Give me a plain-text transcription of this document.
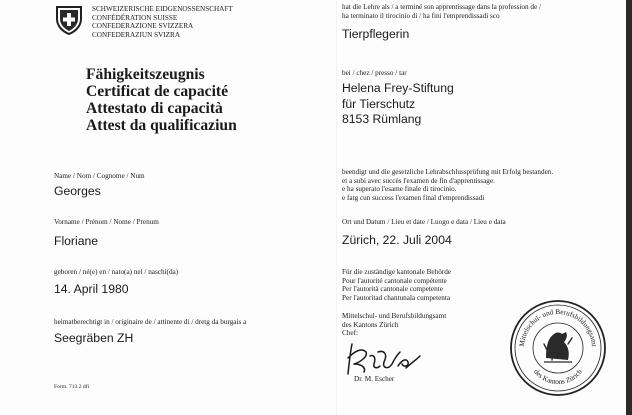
SCHWEIZERISCHE EIDGENOSSENSCHAFT
CONFÉDÉRATION SUISSE
CONFEDERAZIONE SVIZZERA
CONFEDERAZIUN SVIZRA
Fähigkeitszeugnis
Certificat de capacité
Attestato di capacità
Attest da qualificaziun
Name / Nom / Cognome / Num
Georges
Vorname / Prénom / Nome / Prenum
Floriane
geboren / né(e) en / nato(a) nel / naschi(da)
14. April 1980
heimatberechtigt in / originaire de / attinente di / dretg da burgais a
Seegräben ZH
Form. 713.2 dfi
hat die Lehre als / a terminé son apprentissage dans la profession de /
ha terminato il tirocinio di / ha fini l'emprendissadi sco
Tierpflegerin
bei / chez / presso / tar
Helena Frey-Stiftung
für Tierschutz
8153 Rümlang
beendigt und die gesetzliche Lehrabschlussprüfung mit Erfolg bestanden.
et a subi avec succès l'examen de fin d'apprentissage.
e ha superato l'esame finale di tirocinio.
e fatg cun success l'examen final d'emprendissadi
Ort und Datum / Lieu et date / Luogo e data / Lieu e data
Zürich, 22. Juli 2004
Für die zuständige kantonale Behörde
Pour l'autorité cantonale compétente
Per l'autorità cantonale competente
Per l'autoritad chantunala cumpetenta
Mittelschul- und Berufsbildungsamt
des Kantons Zürich
Chef:
Dr. M. Escher
Mittelschul- und Berufsbildungsamt
des Kantons Zürich
